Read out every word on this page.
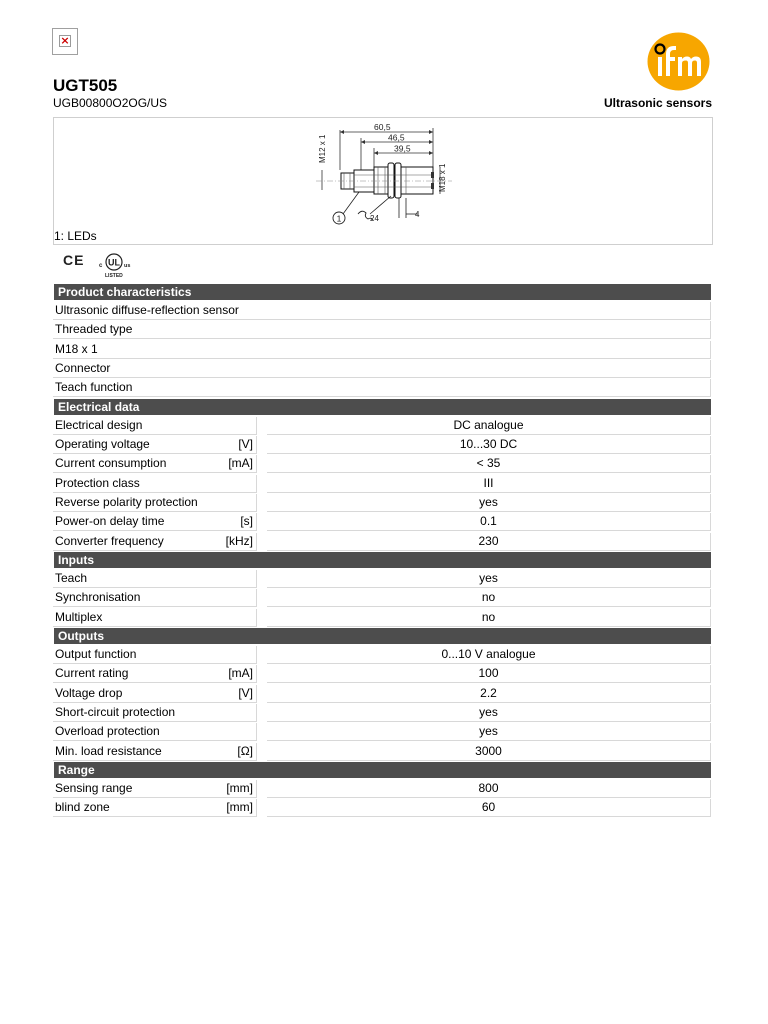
×
UGT505
UGB00800O2OG/US	Ultrasonic sensors
60,5
46,5
39,5
M12 x 1
M18 x 1
1	24	4
1: LEDs
CE c UL us
LISTED
Product characteristics
Ultrasonic diffuse-reflection sensor
Threaded type
M18 x 1
Connector
Teach function
Electrical data
Electrical design	DC analogue
Operating voltage	[V]	10...30 DC
Current consumption	[mA]	< 35
Protection class	III
Reverse polarity protection	yes
Power-on delay time	[s]	0.1
Converter frequency	[kHz]	230
Inputs
Teach	yes
Synchronisation	no
Multiplex	no
Outputs
Output function	0...10 V analogue
Current rating	[mA]	100
Voltage drop	[V]	2.2
Short-circuit protection	yes
Overload protection	yes
Min. load resistance	[Ω]	3000
Range
Sensing range	[mm]	800
blind zone	[mm]	60
